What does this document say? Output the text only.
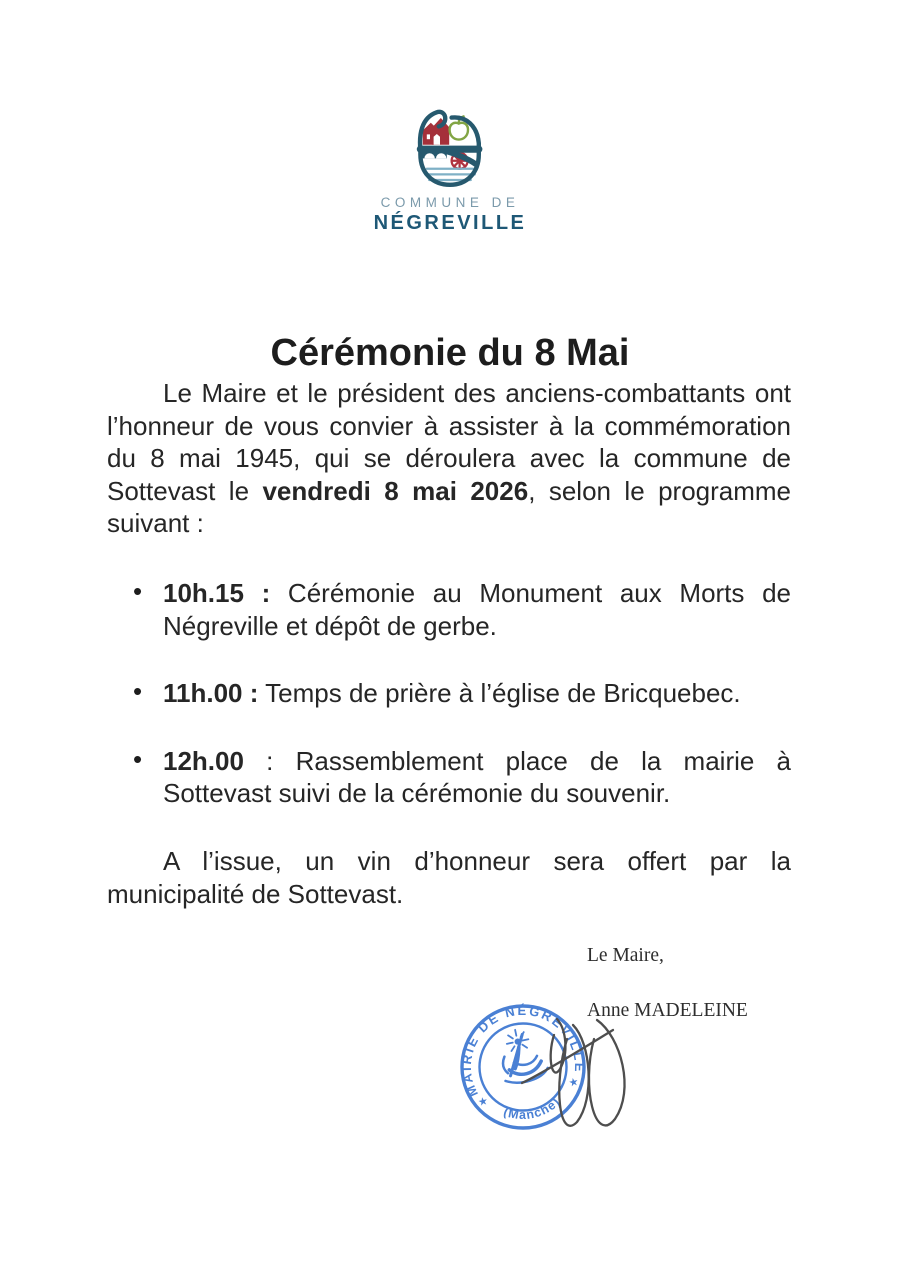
COMMUNE DE
NÉGREVILLE
Cérémonie du 8 Mai

Le Maire et le président des anciens-combattants ont l’honneur de vous convier à assister à la commémoration du 8 mai 1945, qui se déroulera avec la commune de Sottevast le vendredi 8 mai 2026, selon le programme suivant :

• 10h.15 : Cérémonie au Monument aux Morts de Négreville et dépôt de gerbe.
• 11h.00 : Temps de prière à l’église de Bricquebec.
• 12h.00 : Rassemblement place de la mairie à Sottevast suivi de la cérémonie du souvenir.

A l’issue, un vin d’honneur sera offert par la municipalité de Sottevast.

Le Maire,
Anne MADELEINE
MAIRIE DE NÉGREVILLE
(Manche)
★
★
